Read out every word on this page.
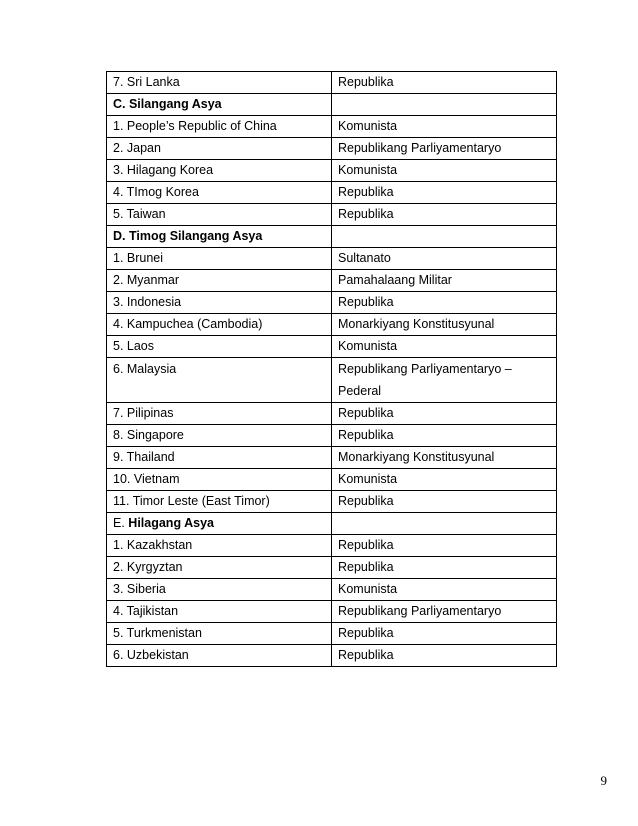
7. Sri Lanka	Republika
C. Silangang Asya	
1. People’s Republic of China	Komunista
2. Japan	Republikang Parliyamentaryo
3. Hilagang Korea	Komunista
4. TImog Korea	Republika
5. Taiwan	Republika
D. Timog Silangang Asya	
1. Brunei	Sultanato
2. Myanmar	Pamahalaang Militar
3. Indonesia	Republika
4. Kampuchea (Cambodia)	Monarkiyang Konstitusyunal
5. Laos	Komunista
6. Malaysia	Republikang Parliyamentaryo – Pederal
7. Pilipinas	Republika
8. Singapore	Republika
9. Thailand	Monarkiyang Konstitusyunal
10. Vietnam	Komunista
11. Timor Leste (East Timor)	Republika
E. Hilagang Asya	
1. Kazakhstan	Republika
2. Kyrgyztan	Republika
3. Siberia	Komunista
4. Tajikistan	Republikang Parliyamentaryo
5. Turkmenistan	Republika
6. Uzbekistan	Republika
9
